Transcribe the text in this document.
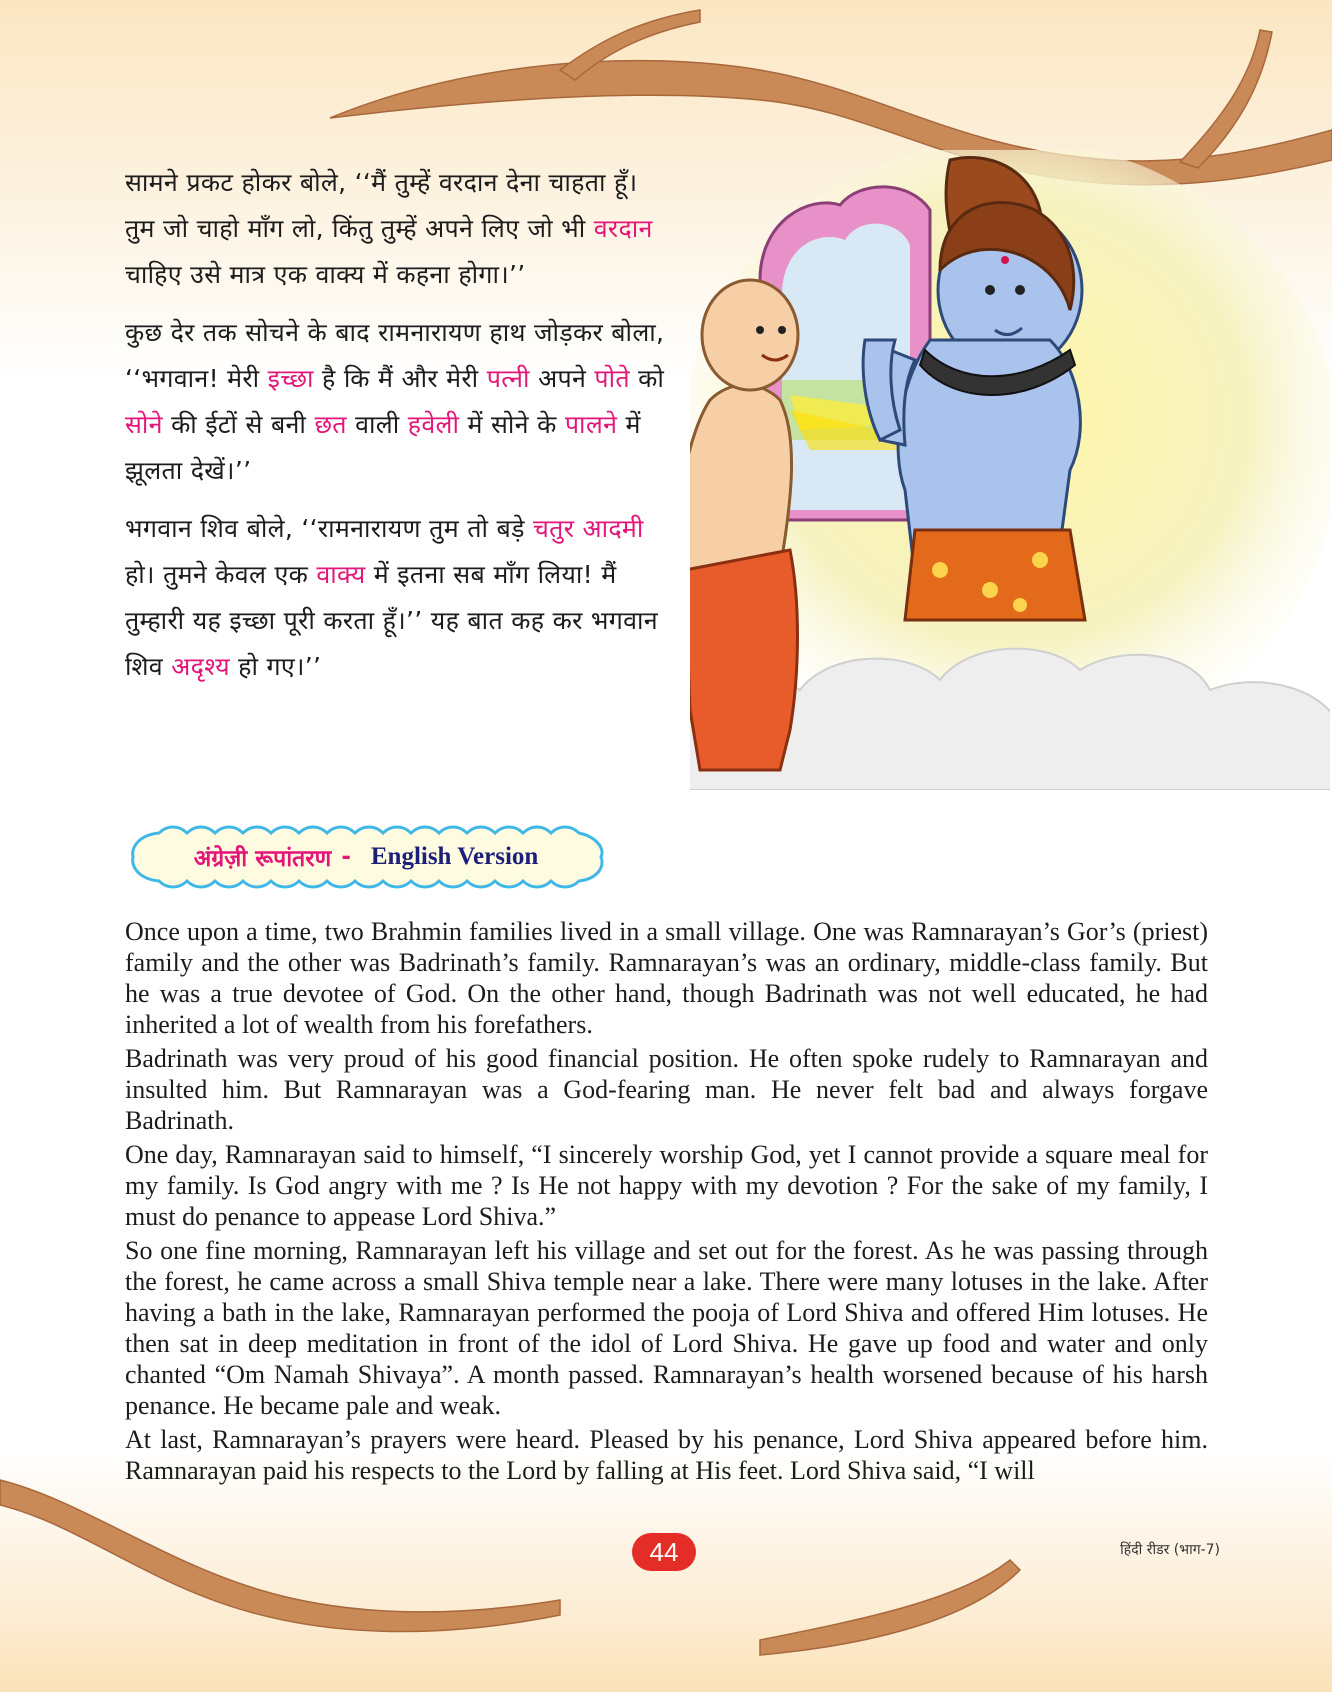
सामने प्रकट होकर बोले, ‘‘मैं तुम्हें वरदान देना चाहता हूँ। तुम जो चाहो माँग लो, किंतु तुम्हें अपने लिए जो भी वरदान चाहिए उसे मात्र एक वाक्य में कहना होगा।’’

कुछ देर तक सोचने के बाद रामनारायण हाथ जोड़कर बोला, ‘‘भगवान! मेरी इच्छा है कि मैं और मेरी पत्नी अपने पोते को सोने की ईटों से बनी छत वाली हवेली में सोने के पालने में झूलता देखें।’’

भगवान शिव बोले, ‘‘रामनारायण तुम तो बड़े चतुर आदमी हो। तुमने केवल एक वाक्य में इतना सब माँग लिया! मैं तुम्हारी यह इच्छा पूरी करता हूँ।’’ यह बात कह कर भगवान शिव अदृश्य हो गए।’’

अंग्रेज़ी रूपांतरण - English Version

Once upon a time, two Brahmin families lived in a small village. One was Ramnarayan’s Gor’s (priest) family and the other was Badrinath’s family. Ramnarayan’s was an ordinary, middle-class family. But he was a true devotee of God. On the other hand, though Badrinath was not well educated, he had inherited a lot of wealth from his forefathers.

Badrinath was very proud of his good financial position. He often spoke rudely to Ramnarayan and insulted him. But Ramnarayan was a God-fearing man. He never felt bad and always forgave Badrinath.

One day, Ramnarayan said to himself, “I sincerely worship God, yet I cannot provide a square meal for my family. Is God angry with me ? Is He not happy with my devotion ? For the sake of my family, I must do penance to appease Lord Shiva.”

So one fine morning, Ramnarayan left his village and set out for the forest. As he was passing through the forest, he came across a small Shiva temple near a lake. There were many lotuses in the lake. After having a bath in the lake, Ramnarayan performed the pooja of Lord Shiva and offered Him lotuses. He then sat in deep meditation in front of the idol of Lord Shiva. He gave up food and water and only chanted “Om Namah Shivaya”. A month passed. Ramnarayan’s health worsened because of his harsh penance. He became pale and weak.

At last, Ramnarayan’s prayers were heard. Pleased by his penance, Lord Shiva appeared before him. Ramnarayan paid his respects to the Lord by falling at His feet. Lord Shiva said, “I will

44	हिंदी रीडर (भाग-7)
